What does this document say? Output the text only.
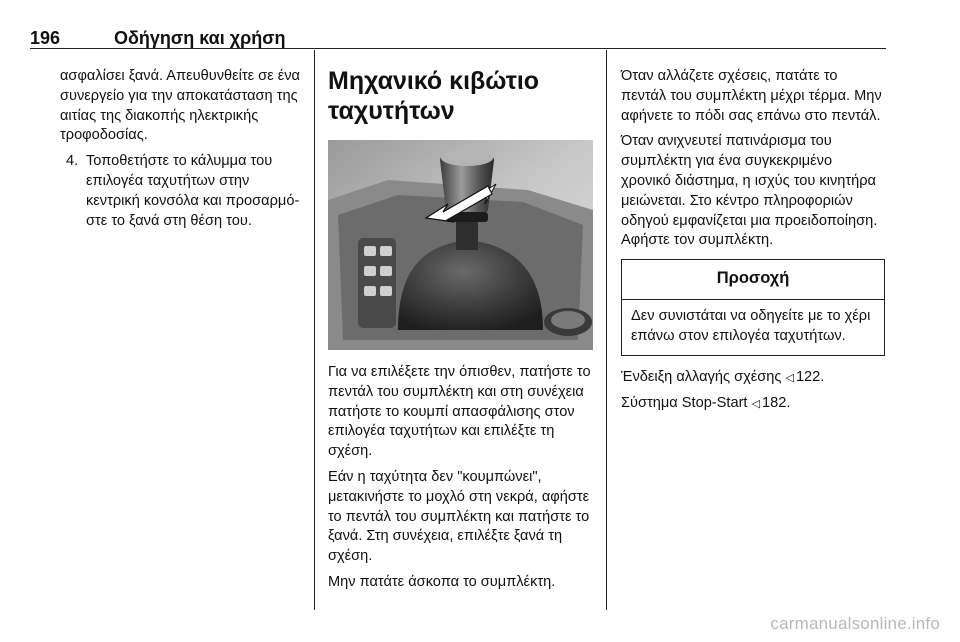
196	Οδήγηση και χρήση

ασφαλίσει ξανά. Απευθυνθείτε σε ένα συνεργείο για την αποκατάσταση της αιτίας της διακοπής ηλεκτρικής τροφοδοσίας.

4. Τοποθετήστε το κάλυμμα του επιλογέα ταχυτήτων στην κεντρική κονσόλα και προσαρμόστε το ξανά στη θέση του.
Μηχανικό κιβώτιο ταχυτήτων

Για να επιλέξετε την όπισθεν, πατήστε το πεντάλ του συμπλέκτη και στη συνέχεια πατήστε το κουμπί απασφάλισης στον επιλογέα ταχυτήτων και επιλέξτε τη σχέση.

Εάν η ταχύτητα δεν "κουμπώνει", μετακινήστε το μοχλό στη νεκρά, αφήστε το πεντάλ του συμπλέκτη και πατήστε το ξανά. Στη συνέχεια, επιλέξτε ξανά τη σχέση.

Μην πατάτε άσκοπα το συμπλέκτη.

Όταν αλλάζετε σχέσεις, πατάτε το πεντάλ του συμπλέκτη μέχρι τέρμα. Μην αφήνετε το πόδι σας επάνω στο πεντάλ.

Όταν ανιχνευτεί πατινάρισμα του συμπλέκτη για ένα συγκεκριμένο χρονικό διάστημα, η ισχύς του κινητήρα μειώνεται. Στο κέντρο πληροφοριών οδηγού εμφανίζεται μια προειδοποίηση. Αφήστε τον συμπλέκτη.

Προσοχή
Δεν συνιστάται να οδηγείτε με το χέρι επάνω στον επιλογέα ταχυτήτων.

Ένδειξη αλλαγής σχέσης ◁ 122.

Σύστημα Stop-Start ◁ 182.

carmanualsonline.info
